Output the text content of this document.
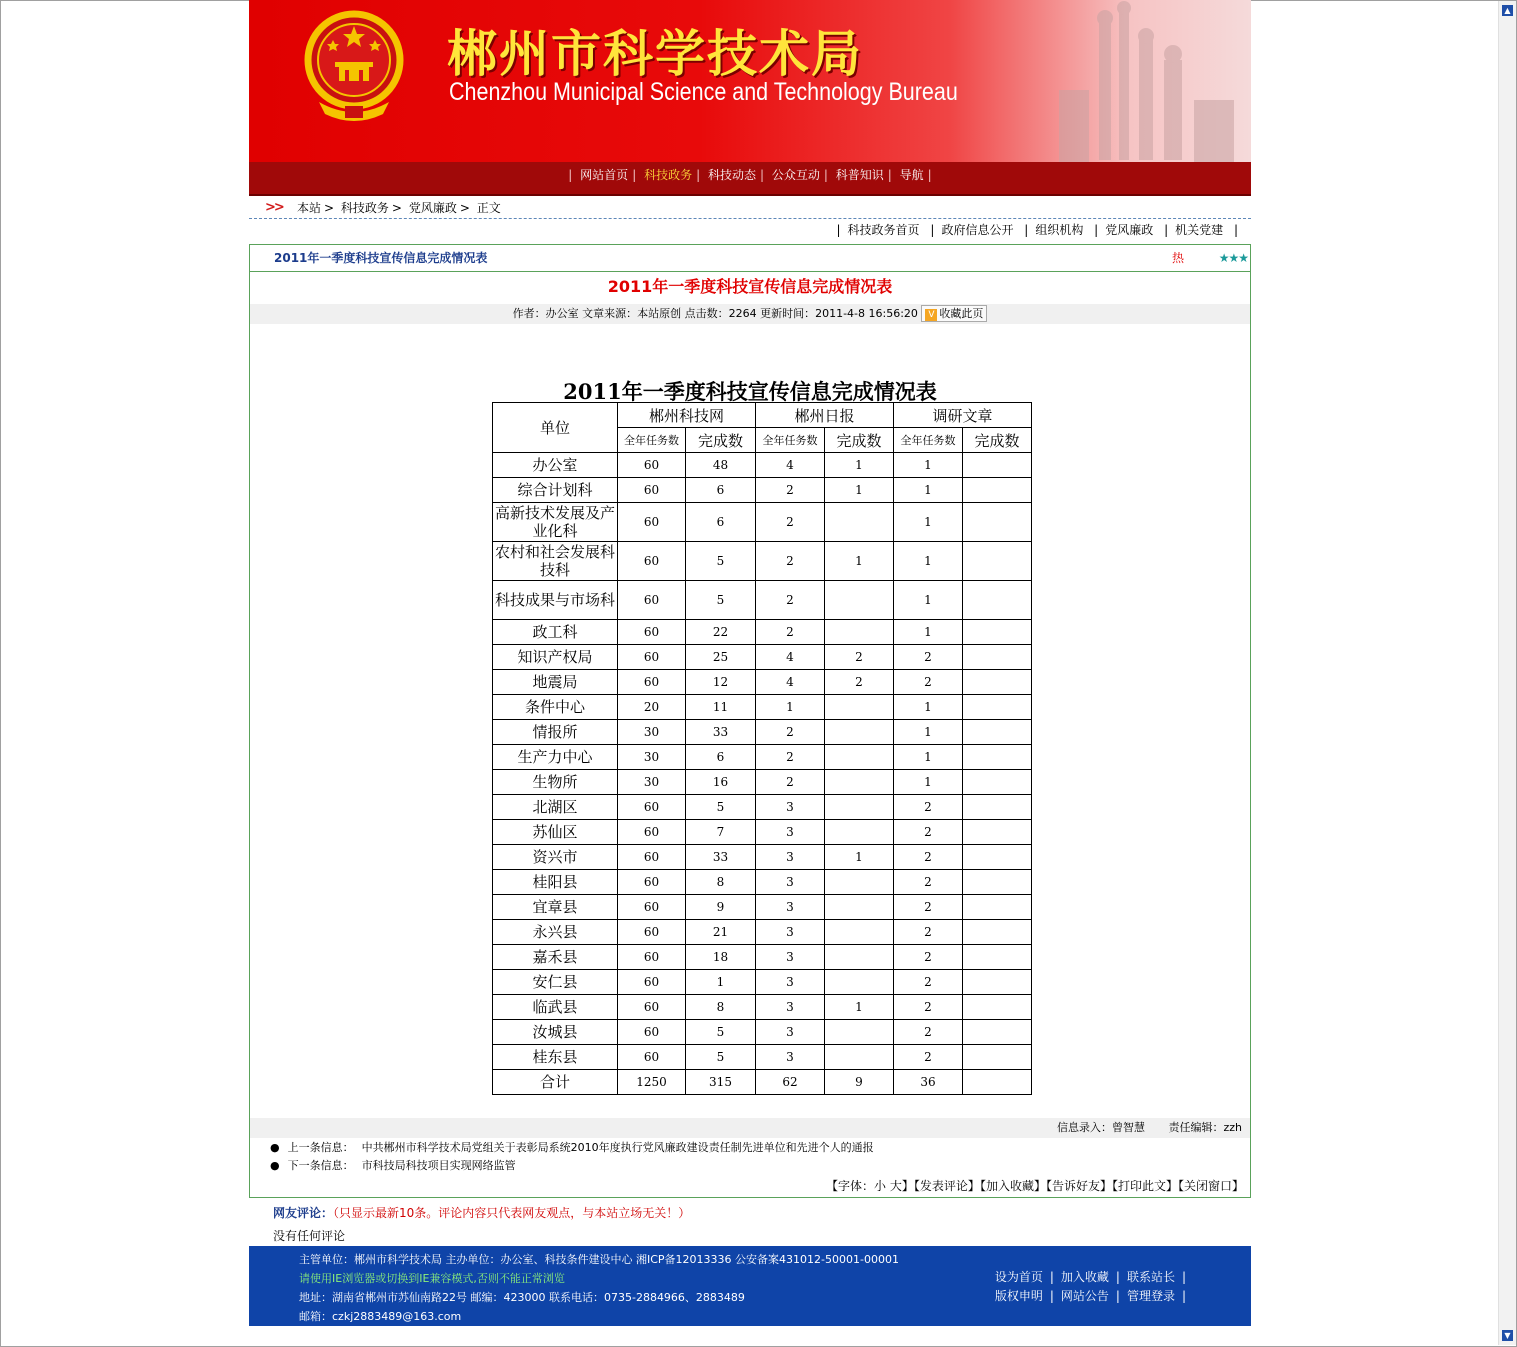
▲
▼
郴州市科学技术局
Chenzhou Municipal Science and Technology Bureau
| 网站首页 | 科技政务 | 科技动态 | 公众互动 | 科普知识 | 导航 |
>> 本站 > 科技政务 > 党风廉政 > 正文
| 科技政务首页 | 政府信息公开 | 组织机构 | 党风廉政 | 机关党建 |
2011年一季度科技宣传信息完成情况表	热	★★★
2011年一季度科技宣传信息完成情况表
作者：办公室 文章来源：本站原创 点击数：2264 更新时间：2011-4-8 16:56:20 V 收藏此页
2011年一季度科技宣传信息完成情况表
单位	郴州科技网		郴州日报		调研文章	
	全年任务数	完成数	全年任务数	完成数	全年任务数	完成数
办公室	60	48	4	1	1	
综合计划科	60	6	2	1	1	
高新技术发展及产业化科	60	6	2		1	
农村和社会发展科技科	60	5	2	1	1	
科技成果与市场科	60	5	2		1	
政工科	60	22	2		1	
知识产权局	60	25	4	2	2	
地震局	60	12	4	2	2	
条件中心	20	11	1		1	
情报所	30	33	2		1	
生产力中心	30	6	2		1	
生物所	30	16	2		1	
北湖区	60	5	3		2	
苏仙区	60	7	3		2	
资兴市	60	33	3	1	2	
桂阳县	60	8	3		2	
宜章县	60	9	3		2	
永兴县	60	21	3		2	
嘉禾县	60	18	3		2	
安仁县	60	1	3		2	
临武县	60	8	3	1	2	
汝城县	60	5	3		2	
桂东县	60	5	3		2	
合计	1250	315	62	9	36	
信息录入：曾智慧 责任编辑：zzh
● 上一条信息： 中共郴州市科学技术局党组关于表彰局系统2010年度执行党风廉政建设责任制先进单位和先进个人的通报
● 下一条信息： 市科技局科技项目实现网络监管
【字体：小 大】【发表评论】【加入收藏】【告诉好友】【打印此文】【关闭窗口】
网友评论：（只显示最新10条。评论内容只代表网友观点，与本站立场无关！）
没有任何评论
主管单位：郴州市科学技术局 主办单位：办公室、科技条件建设中心 湘ICP备12013336 公安备案431012-50001-00001
请使用IE浏览器或切换到IE兼容模式,否则不能正常浏览
地址：湖南省郴州市苏仙南路22号 邮编：423000 联系电话：0735-2884966、2883489
邮箱：czkj2883489@163.com
设为首页 | 加入收藏 | 联系站长 |
版权申明 | 网站公告 | 管理登录 |
